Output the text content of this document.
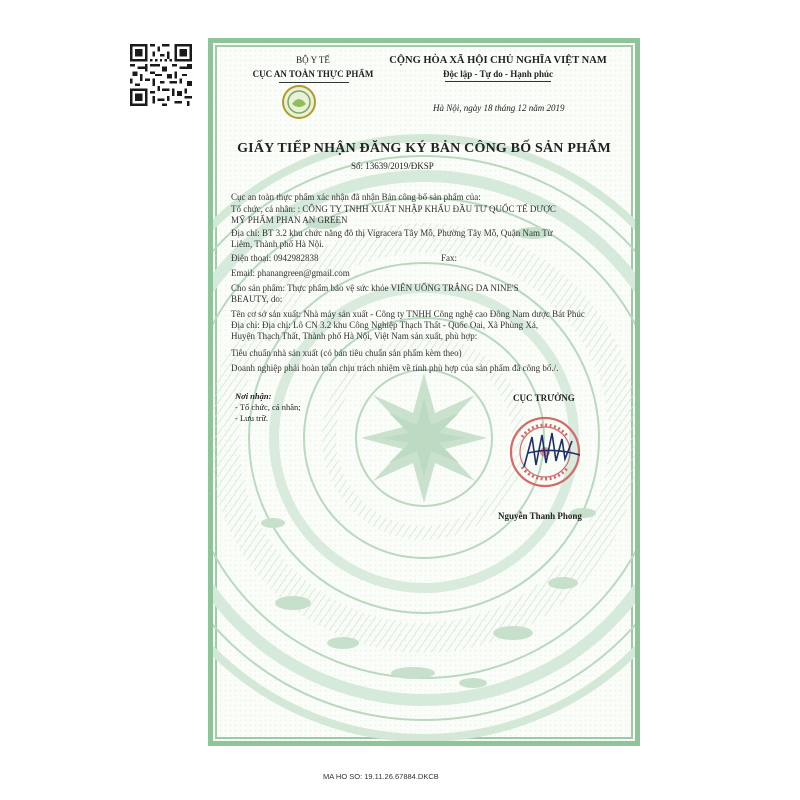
BỘ Y TẾ
CỤC AN TOÀN THỰC PHẨM
CỘNG HÒA XÃ HỘI CHỦ NGHĨA VIỆT NAM
Độc lập - Tự do - Hạnh phúc
Hà Nội, ngày 18 tháng 12 năm 2019
GIẤY TIẾP NHẬN ĐĂNG KÝ BẢN CÔNG BỐ SẢN PHẨM
Số: 13639/2019/ĐKSP
Cục an toàn thực phẩm xác nhận đã nhận Bản công bố sản phẩm của:
Tổ chức, cá nhân: : CÔNG TY TNHH XUẤT NHẬP KHẨU ĐẦU TƯ QUỐC TẾ DƯỢC
MỸ PHẨM PHAN AN GREEN
Địa chỉ: BT 3.2 khu chức năng đô thị Vigracera Tây Mỗ, Phường Tây Mỗ, Quận Nam Từ
Liêm, Thành phố Hà Nội.
Điện thoại: 0942982838	Fax:
Email: phanangreen@gmail.com
Cho sản phẩm: Thực phẩm bảo vệ sức khỏe VIÊN UỐNG TRẮNG DA NINE'S
BEAUTY, do:
Tên cơ sở sản xuất: Nhà máy sản xuất - Công ty TNHH Công nghệ cao Đông Nam dược Bát Phúc
Địa chỉ: Địa chỉ: Lô CN 3.2 khu Công Nghiệp Thạch Thất - Quốc Oai, Xã Phùng Xá,
Huyện Thạch Thất, Thành phố Hà Nội, Việt Nam sản xuất, phù hợp:
Tiêu chuẩn nhà sản xuất (có bản tiêu chuẩn sản phẩm kèm theo)
Doanh nghiệp phải hoàn toàn chịu trách nhiệm về tính phù hợp của sản phẩm đã công bố./.
Nơi nhận:
- Tổ chức, cá nhân;
- Lưu trữ.
CỤC TRƯỞNG
Nguyễn Thanh Phong
MA HO SO: 19.11.26.67884.DKCB
